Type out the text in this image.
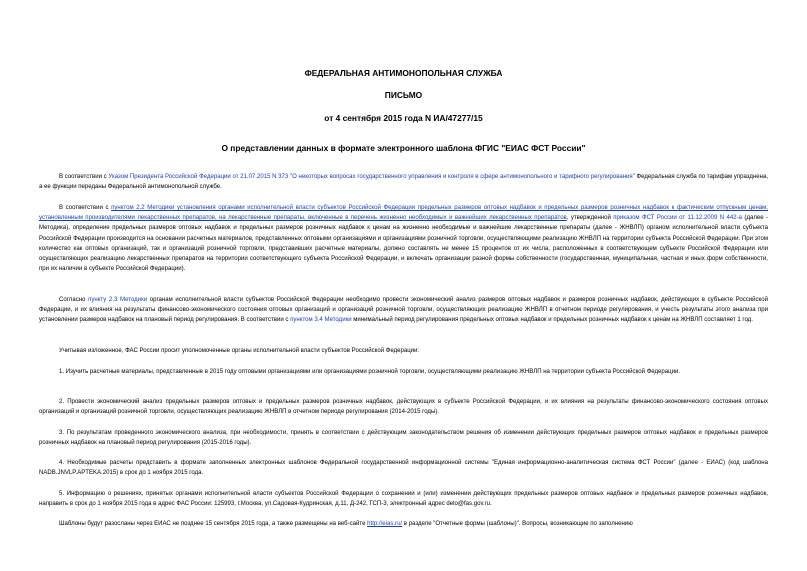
ФЕДЕРАЛЬНАЯ АНТИМОНОПОЛЬНАЯ СЛУЖБА
ПИСЬМО
от 4 сентября 2015 года N ИА/47277/15
О представлении данных в формате электронного шаблона ФГИС "ЕИАС ФСТ России"

В соответствии с Указом Президента Российской Федерации от 21.07.2015 N 373 "О некоторых вопросах государственного управления и контроля в сфере антимонопольного и тарифного регулирования" Федеральная служба по тарифам упразднена, а ее функции переданы Федеральной антимонопольной службе.

В соответствии с пунктом 2.2 Методики установления органами исполнительной власти субъектов Российской Федерации предельных размеров оптовых надбавок и предельных размеров розничных надбавок к фактическим отпускным ценам, установленным производителями лекарственных препаратов, на лекарственные препараты, включенные в перечень жизненно необходимых и важнейших лекарственных препаратов, утвержденной приказом ФСТ России от 11.12.2009 N 442-а (далее - Методика), определение предельных размеров оптовых надбавок и предельных размеров розничных надбавок к ценам на жизненно необходимые и важнейшие лекарственные препараты (далее - ЖНВЛП) органом исполнительной власти субъекта Российской Федерации производится на основании расчетных материалов, представленных оптовыми организациями и организациями розничной торговли, осуществляющими реализацию ЖНВЛП на территории субъекта Российской Федерации. При этом количество как оптовых организаций, так и организаций розничной торговли, представивших расчетные материалы, должно составлять не менее 15 процентов от их числа, расположенных в соответствующем субъекте Российской Федерации или осуществляющих реализацию лекарственных препаратов на территории соответствующего субъекта Российской Федерации, и включать организации разной формы собственности (государственная, муниципальная, частная и иных форм собственности, при их наличии в субъекте Российской Федерации).

Согласно пункту 2.3 Методики органам исполнительной власти субъектов Российской Федерации необходимо провести экономический анализ размеров оптовых надбавок и размеров розничных надбавок, действующих в субъекте Российской Федерации, и их влияния на результаты финансово-экономического состояния оптовых организаций и организаций розничной торговли, осуществляющих реализацию ЖНВЛП в отчетном периоде регулирования, и учесть результаты этого анализа при установлении размеров надбавок на плановый период регулирования. В соответствии с пунктом 3.4 Методики минимальный период регулирования предельных оптовых надбавок и предельных розничных надбавок к ценам на ЖНВЛП составляет 1 год.

Учитывая изложенное, ФАС России просит уполномоченные органы исполнительной власти субъектов Российской Федерации:

1. Изучить расчетные материалы, представленные в 2015 году оптовыми организациями или организациями розничной торговли, осуществляющими реализацию ЖНВЛП на территории субъекта Российской Федерации.

2. Провести экономический анализ предельных размеров оптовых и предельных размеров розничных надбавок, действующих в субъекте Российской Федерации, и их влияния на результаты финансово-экономического состояния оптовых организаций и организаций розничной торговли, осуществляющих реализацию ЖНВЛП в отчетном периоде регулирования (2014-2015 годы).

3. По результатам проведенного экономического анализа, при необходимости, принять в соответствии с действующим законодательством решения об изменении действующих предельных размеров оптовых надбавок и предельных размеров розничных надбавок на плановый период регулирования (2015-2016 годы).

4. Необходимые расчеты представить в формате заполненных электронных шаблонов Федеральной государственной информационной системы "Единая информационно-аналитическая система ФСТ России" (далее - ЕИАС) (код шаблона NADB.JNVLP.APTEKA.2015) в срок до 1 ноября 2015 года.

5. Информацию о решениях, принятых органами исполнительной власти субъектов Российской Федерации о сохранении и (или) изменении действующих предельных размеров оптовых надбавок и предельных размеров розничных надбавок, направить в срок до 1 ноября 2015 года в адрес ФАС России: 125993, г.Москва, ул.Садовая-Кудринская, д.11, Д-242, ГСП-3, электронный адрес delo@fas.gov.ru.

Шаблоны будут разосланы через ЕИАС не позднее 15 сентября 2015 года, а также размещены на веб-сайте http://eias.ru/ в разделе "Отчетные формы (шаблоны)". Вопросы, возникающие по заполнению
